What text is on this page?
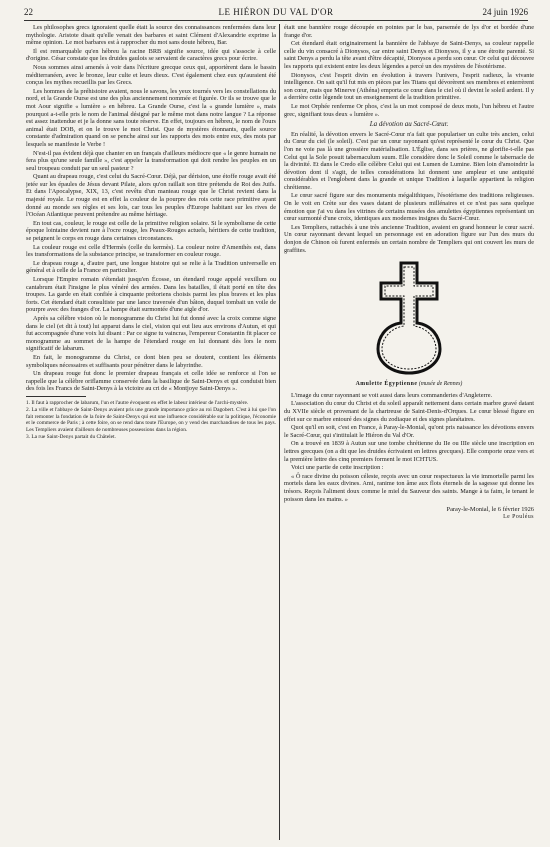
22	LE HIÉRON DU VAL D'OR	24 juin 1926

Les philosophes grecs ignoraient quelle était la source des connaissances renfermées dans leur mythologie. Aristote disait qu'elle venait des barbares et saint Clément d'Alexandrie exprime la même opinion. Le mot barbares est à rapprocher du mot sans doute hébreu, Bar.

Il est remarquable qu'en hébreu la racine BRB signifie source, idée qui s'associe à celle d'origine. César constate que les druides gaulois se servaient de caractères grecs pour écrire.

Nous sommes ainsi amenés à voir dans l'écriture grecque ceux qui, apportèrent dans le bassin méditerranéen, avec le bronze, leur culte et leurs dieux. C'est également chez eux qu'auraient été conçus les mythes recueillis par les Grecs.

Les hommes de la préhistoire avaient, nous le savons, les yeux tournés vers les constellations du nord, et la Grande Ourse est une des plus anciennement nommée et figurée. Or ils se trouve que le mot Aour signifie « lumière » en hébreu. La Grande Ourse, c'est la « grande lumière », mais pourquoi a-t-elle pris le nom de l'animal désigné par le même mot dans notre langue ? La réponse est assez inattendue et je la donne sans toute réserve. En effet, toujours en hébreu, le nom de l'ours animal était DOB, et on le trouve le mot Christ. Que de mystères étonnants, quelle source constante d'admiration quand on se penche ainsi sur les rapports des mots entre eux, des mots par lesquels se manifeste le Verbe !

N'est-il pas évident déjà que chanter en un français d'ailleurs médiocre que « le genre humain ne fera plus qu'une seule famille », c'est appeler la transformation qui doit rendre les peuples en un seul troupeau conduit par un seul pasteur ?

Quant au drapeau rouge, c'est celui du Sacré-Cœur. Déjà, par dérision, une étoffe rouge avait été jetée sur les épaules de Jésus devant Pilate, alors qu'on raillait son titre prétendu de Roi des Juifs. Et dans l'Apocalypse, XIX, 13, c'est revêtu d'un manteau rouge que le Christ revient dans la majesté royale. Le rouge est en effet la couleur de la pourpre des rois cette race primitive ayant donné au monde ses règles et ses lois, car tous les peuples d'Europe habitant sur les rives de l'Océan Atlantique peuvent prétendre au même héritage.

En tout cas, couleur, le rouge est celle de la primitive religion solaire. Si le symbolisme de cette époque lointaine devient rare à l'ocre rouge, les Peaux-Rouges actuels, héritiers de cette tradition, se peignent le corps en rouge dans certaines circonstances.

La couleur rouge est celle d'Hermès (celle du kermès). La couleur noire d'Amenthès est, dans les transformations de la substance principe, se transformer en couleur rouge.

Le drapeau rouge a, d'autre part, une longue histoire qui se relie à la Tradition universelle en général et à celle de la France en particulier.

Lorsque l'Empire romain s'étendait jusqu'en Écosse, un étendard rouge appelé vexillum ou cantabrum était l'insigne le plus vénéré des armées. Dans les batailles, il était porté en tête des troupes. La garde en était confiée à cinquante prétoriens choisis parmi les plus braves et les plus forts. Cet étendard était consultiste par une lance traversée d'un bâton, duquel tombait un voile de pourpre avec des franges d'or. La hampe était surmontée d'une aigle d'or.

Après sa célèbre vision où le monogramme du Christ lui fut donné avec la croix comme signe dans le ciel (et dit à tout) lui apparut dans le ciel, vision qui eut lieu aux environs d'Autun, et qui fut accompagnée d'une voix lui disant : Par ce signe tu vaincras, l'empereur Constantin fit placer ce monogramme au sommet de la hampe de l'étendard rouge en lui donnant dès lors le nom significatif de labarum.

En fait, le monogramme du Christ, ce dont bien peu se doutent, contient les éléments symboliques nécessaires et suffisants pour pénétrer dans le labyrinthe.

Un drapeau rouge fut donc le premier drapeau français et celle idée se renforce si l'on se rappelle que la célèbre oriflamme conservée dans la basilique de Saint-Denys et qui conduisit bien des fois les Francs de Saint-Denys à la victoire au cri de « Montjoye Saint-Denys ».

1. Il faut à rapprocher de labarum, l'un et l'autre évoquent en effet le labeur intérieur de l'archi-mystère.

2. La ville et l'abbaye de Saint-Denys avaient pris une grande importance grâce au roi Dagobert. C'est à lui que l'on fait remonter la fondation de la foire de Saint-Denys qui eut une influence considérable sur la politique, l'économie et le commerce de Paris ; à cette foire, on se rend dans toute l'Europe, on y vend des marchandises de tous les pays. Les Templiers avaient d'ailleurs de nombreuses possessions dans la région.

3. La rue Saint-Denys partait du Châtelet.

était une bannière rouge découpée en pointes par le bas, parsemée de lys d'or et bordée d'une frange d'or.

Cet étendard était originairement la bannière de l'abbaye de Saint-Denys, sa couleur rappelle celle du vin consacré à Dionysos, car entre saint Denys et Dionysos, il y a une étroite parenté. Si saint Denys a perdu la tête avant d'être décapité, Dionysos a perdu son cœur. Or celui qui découvre les rapports qui existent entre les deux légendes a percé un des mystères de l'ésotérisme.

Dionysos, c'est l'esprit divin en évolution à travers l'univers, l'esprit radieux, la vivante intelligence. On sait qu'il fut mis en pièces par les Titans qui dévorèrent ses membres et enterrèrent son cœur, mais que Minerve (Athéna) emporta ce cœur dans le ciel où il devint le soleil ardent. Il y a derrière cette légende tout un enseignement de la tradition primitive.

Le mot Orphée renferme Or phos, c'est la un mot composé de deux mots, l'un hébreu et l'autre grec, signifiant tous deux « lumière ».

La dévotion au Sacré-Cœur.

En réalité, la dévotion envers le Sacré-Cœur n'a fait que populariser un culte très ancien, celui du Cœur du ciel (le soleil). C'est par un cœur rayonnant qu'est représenté le cœur du Christ. Que l'on ne voie pas là une grossière matérialisation. L'Église, dans ses prières, ne glorifie-t-elle pas Celui qui la Sole posuit tabernaculum suum. Elle considère donc le Soleil comme le tabernacle de la divinité. Et dans le Credo elle célèbre Celui qui est Lumen de Lumine. Bien loin d'amoindrir la dévotion dont il s'agit, de telles considérations lui donnent une ampleur et une antiquité considérables et l'englobent dans la grande et unique Tradition à laquelle appartient la religion chrétienne.

Le cœur sacré figure sur des monuments mégalithiques, l'ésotérisme des traditions religieuses. On le voit en Crète sur des vases datant de plusieurs millénaires et ce n'est pas sans quelque émotion que j'ai vu dans les vitrines de certains musées des amulettes égyptiennes représentant un cœur surmonté d'une croix, identiques aux modernes insignes du Sacré-Cœur.

Les Templiers, rattachés à une très ancienne Tradition, avaient en grand honneur le cœur sacré. Un cœur rayonnant devant lequel un personnage est en adoration figure sur l'un des murs du donjon de Chinon où furent enfermés un certain nombre de Templiers qui ont couvert les murs de graffites.

Amulette Égyptienne (musée de Rennes)

L'image du cœur rayonnant se voit aussi dans leurs commanderies d'Angleterre.

L'association du cœur du Christ et du soleil apparaît nettement dans certain marbre gravé datant du XVIIe siècle et provenant de la chartreuse de Saint-Denis-d'Orques. Le cœur blessé figure en effet sur ce marbre entouré des signes du zodiaque et des signes planétaires.

Quoi qu'il en soit, c'est en France, à Paray-le-Monial, qu'ont pris naissance les dévotions envers le Sacré-Cœur, qui s'intitulait le Hiéron du Val d'Or.

On a trouvé en 1839 à Autun sur une tombe chrétienne du IIe ou IIIe siècle une inscription en lettres grecques (on a dit que les druides écrivaient en lettres grecques). Elle comporte onze vers et la première lettre des cinq premiers forment le mot ICHTUS.

Voici une partie de cette inscription :

« Ô race divine du poisson céleste, reçois avec un cœur respectueux la vie immortelle parmi les mortels dans les eaux divines. Ami, ranime ton âme aux flots éternels de la sagesse qui donne les trésors. Reçois l'aliment doux comme le miel du Sauveur des saints. Mange à ta faim, le tenant le poisson dans les mains. »

Paray-le-Monial, le 6 février 1926
Le Pouléus
